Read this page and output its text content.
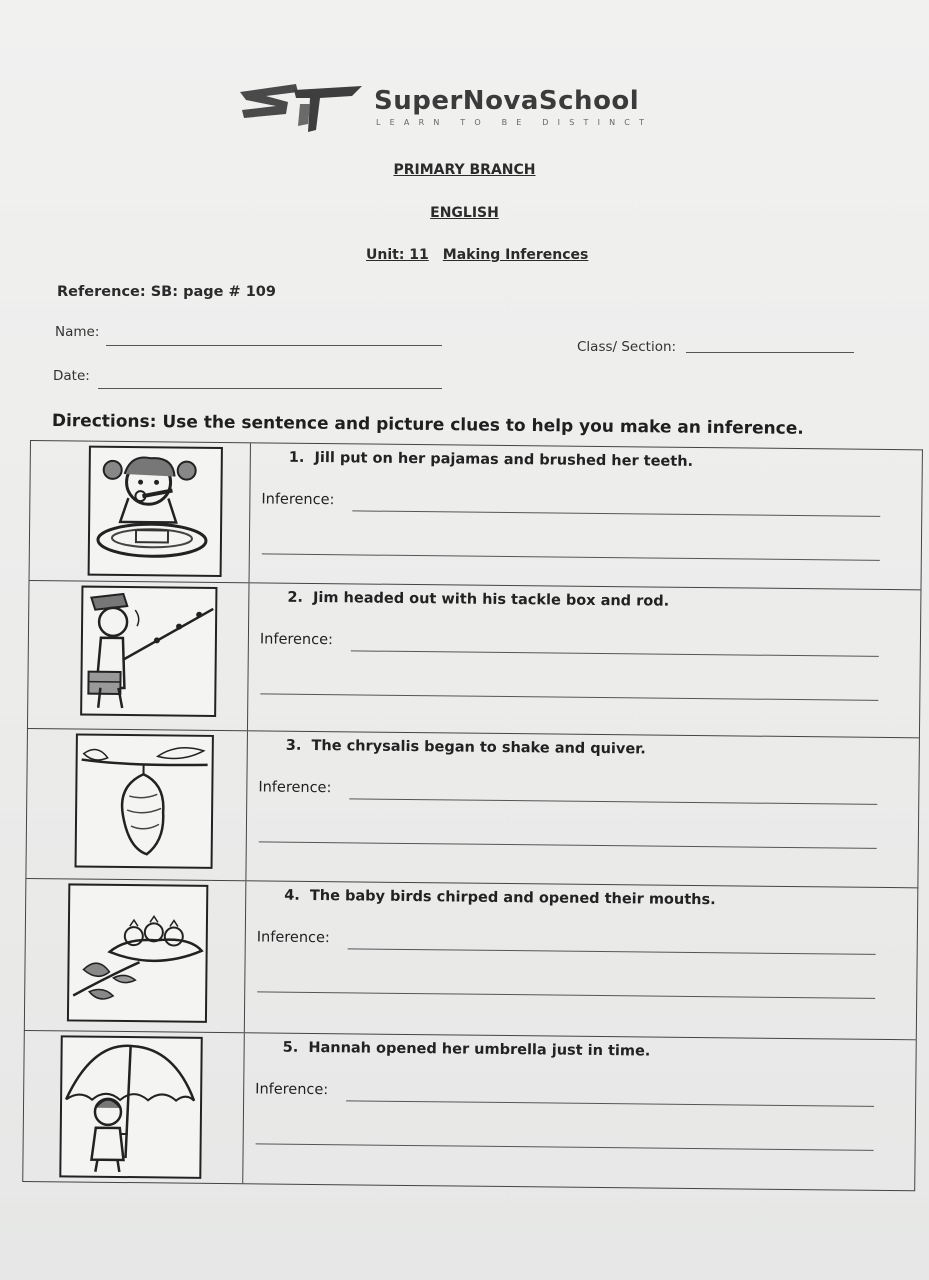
SuperNovaSchool
LEARN TO BE DISTINCT
PRIMARY BRANCH
ENGLISH
Unit: 11 Making Inferences
Reference: SB: page # 109
Name:
Class/ Section:
Date:
Directions: Use the sentence and picture clues to help you make an inference.
1. Jill put on her pajamas and brushed her teeth.
Inference:
2. Jim headed out with his tackle box and rod.
Inference:
3. The chrysalis began to shake and quiver.
Inference:
4. The baby birds chirped and opened their mouths.
Inference:
5. Hannah opened her umbrella just in time.
Inference:
